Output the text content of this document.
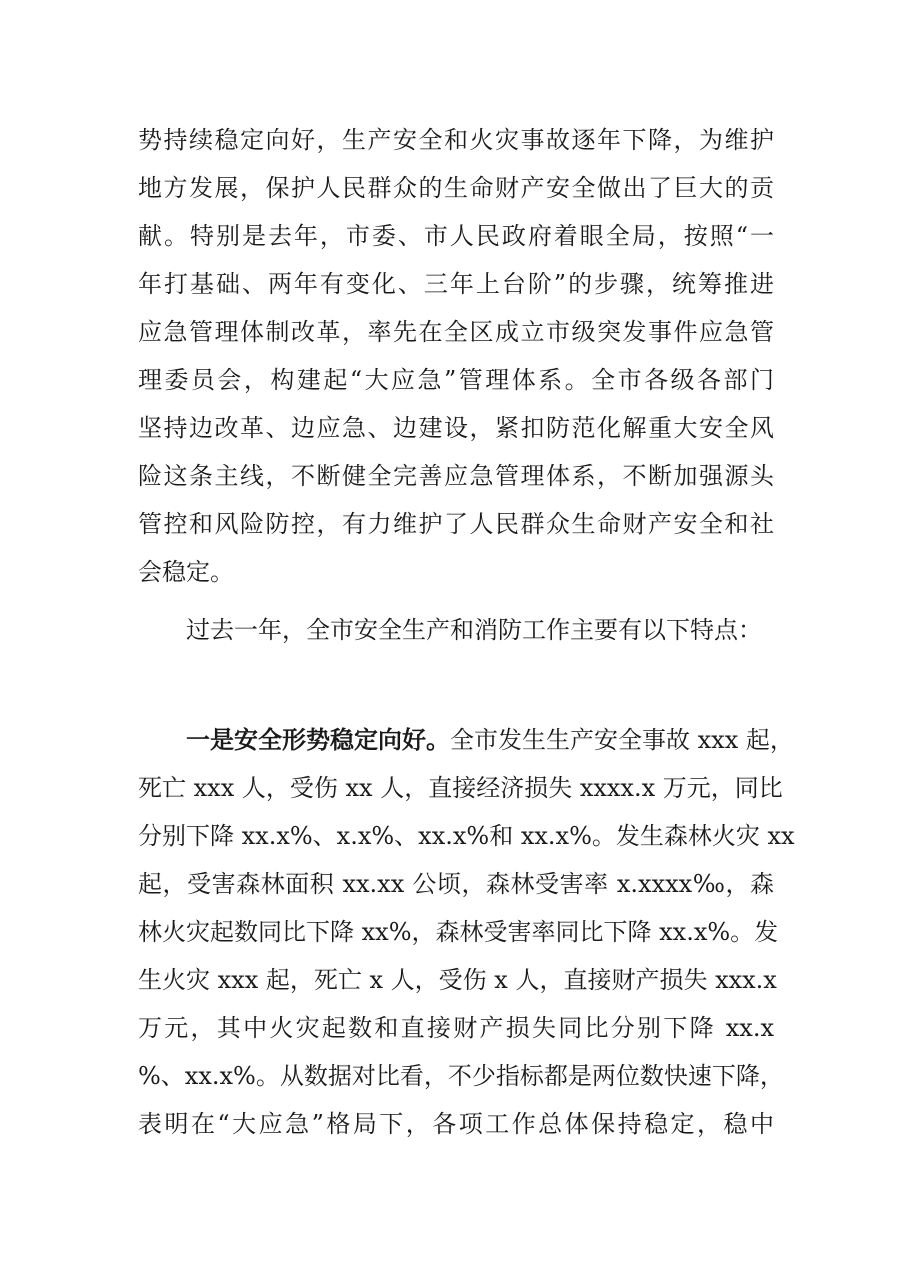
势持续稳定向好，生产安全和火灾事故逐年下降，为维护
地方发展，保护人民群众的生命财产安全做出了巨大的贡
献。特别是去年，市委、市人民政府着眼全局，按照“一
年打基础、两年有变化、三年上台阶”的步骤，统筹推进
应急管理体制改革，率先在全区成立市级突发事件应急管
理委员会，构建起“大应急”管理体系。全市各级各部门
坚持边改革、边应急、边建设，紧扣防范化解重大安全风
险这条主线，不断健全完善应急管理体系，不断加强源头
管控和风险防控，有力维护了人民群众生命财产安全和社
会稳定。
过去一年，全市安全生产和消防工作主要有以下特点：
一是安全形势稳定向好。全市发生生产安全事故 xxx 起，
死亡 xxx 人，受伤 xx 人，直接经济损失 xxxx.x 万元，同比
分别下降 xx.x%、x.x%、xx.x%和 xx.x%。发生森林火灾 xx
起，受害森林面积 xx.xx 公顷，森林受害率 x.xxxx‰，森
林火灾起数同比下降 xx%，森林受害率同比下降 xx.x%。发
生火灾 xxx 起，死亡 x 人，受伤 x 人，直接财产损失 xxx.x
万元，其中火灾起数和直接财产损失同比分别下降 xx.x
%、xx.x%。从数据对比看，不少指标都是两位数快速下降，
表明在“大应急”格局下，各项工作总体保持稳定，稳中
